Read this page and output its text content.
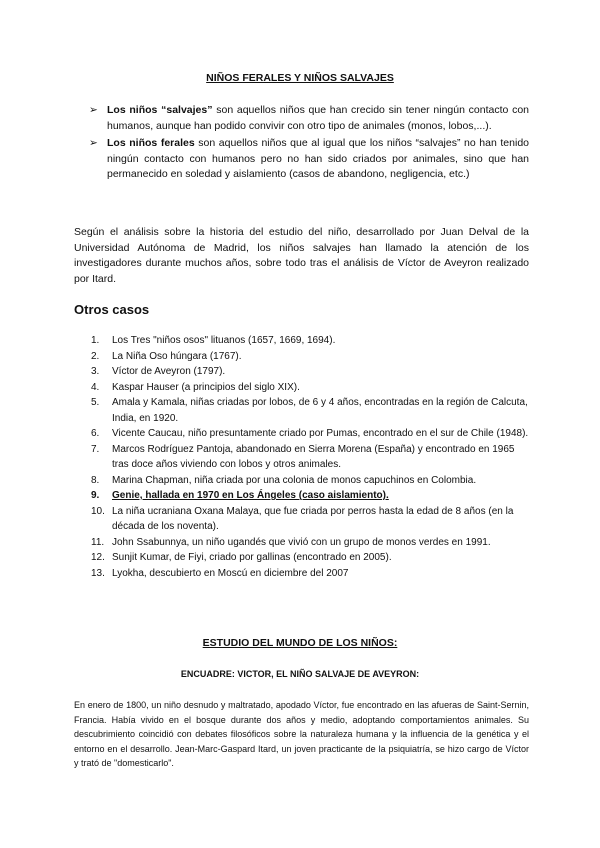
NIÑOS FERALES Y NIÑOS SALVAJES
➢ Los niños “salvajes” son aquellos niños que han crecido sin tener ningún contacto con humanos, aunque han podido convivir con otro tipo de animales (monos, lobos,...).
➢ Los niños ferales son aquellos niños que al igual que los niños “salvajes” no han tenido ningún contacto con humanos pero no han sido criados por animales, sino que han permanecido en soledad y aislamiento (casos de abandono, negligencia, etc.)
Según el análisis sobre la historia del estudio del niño, desarrollado por Juan Delval de la Universidad Autónoma de Madrid, los niños salvajes han llamado la atención de los investigadores durante muchos años, sobre todo tras el análisis de Víctor de Aveyron realizado por Itard.
Otros casos
1. Los Tres "niños osos" lituanos (1657, 1669, 1694).
2. La Niña Oso húngara (1767).
3. Víctor de Aveyron (1797).
4. Kaspar Hauser (a principios del siglo XIX).
5. Amala y Kamala, niñas criadas por lobos, de 6 y 4 años, encontradas en la región de Calcuta, India, en 1920.
6. Vicente Caucau, niño presuntamente criado por Pumas, encontrado en el sur de Chile (1948).
7. Marcos Rodríguez Pantoja, abandonado en Sierra Morena (España) y encontrado en 1965 tras doce años viviendo con lobos y otros animales.
8. Marina Chapman, niña criada por una colonia de monos capuchinos en Colombia.
9. Genie, hallada en 1970 en Los Ángeles (caso aislamiento).
10. La niña ucraniana Oxana Malaya, que fue criada por perros hasta la edad de 8 años (en la década de los noventa).
11. John Ssabunnya, un niño ugandés que vivió con un grupo de monos verdes en 1991.
12. Sunjit Kumar, de Fiyi, criado por gallinas (encontrado en 2005).
13. Lyokha, descubierto en Moscú en diciembre del 2007
ESTUDIO DEL MUNDO DE LOS NIÑOS:
ENCUADRE: VICTOR, EL NIÑO SALVAJE DE AVEYRON:
En enero de 1800, un niño desnudo y maltratado, apodado Víctor, fue encontrado en las afueras de Saint-Sernin, Francia. Había vivido en el bosque durante dos años y medio, adoptando comportamientos animales. Su descubrimiento coincidió con debates filosóficos sobre la naturaleza humana y la influencia de la genética y el entorno en el desarrollo. Jean-Marc-Gaspard Itard, un joven practicante de la psiquiatría, se hizo cargo de Víctor y trató de "domesticarlo".
